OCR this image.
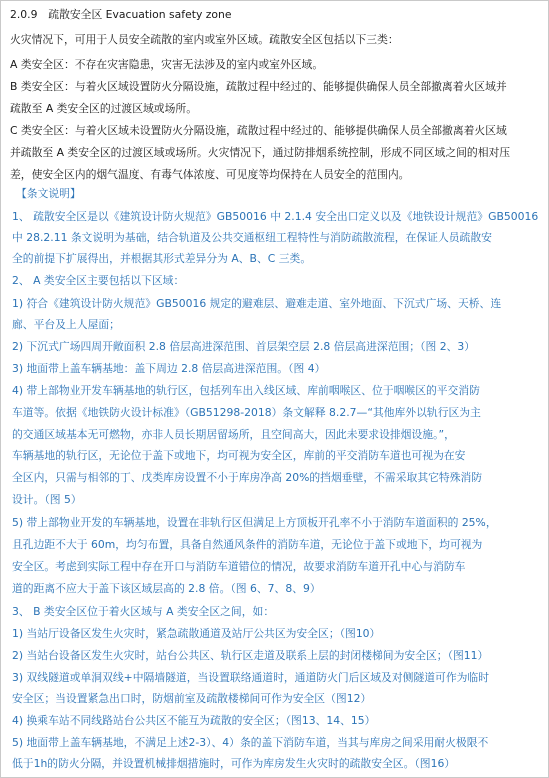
2.0.9　疏散安全区 Evacuation safety zone
火灾情况下，可用于人员安全疏散的室内或室外区域。疏散安全区包括以下三类：
A 类安全区：不存在灾害隐患，灾害无法涉及的室内或室外区域。
B 类安全区：与着火区域设置防火分隔设施，疏散过程中经过的、能够提供确保人员全部撤离着火区域并
疏散至 A 类安全区的过渡区域或场所。
C 类安全区：与着火区域未设置防火分隔设施，疏散过程中经过的、能够提供确保人员全部撤离着火区域
并疏散至 A 类安全区的过渡区域或场所。火灾情况下，通过防排烟系统控制，形成不同区域之间的相对压
差，使安全区内的烟气温度、有毒气体浓度、可见度等均保持在人员安全的范围内。
【条文说明】
1、 疏散安全区是以《建筑设计防火规范》GB50016 中 2.1.4 安全出口定义以及《地铁设计规范》GB50016
中 28.2.11 条文说明为基础，结合轨道及公共交通枢纽工程特性与消防疏散流程，在保证人员疏散安
全的前提下扩展得出，并根据其形式差异分为 A、B、C 三类。
2、 A 类安全区主要包括以下区域：
1) 符合《建筑设计防火规范》GB50016 规定的避难层、避难走道、室外地面、下沉式广场、天桥、连
廊、平台及上人屋面；
2) 下沉式广场四周开敞面积 2.8 倍层高进深范围、首层架空层 2.8 倍层高进深范围；（图 2、3）
3) 地面带上盖车辆基地：盖下周边 2.8 倍层高进深范围。（图 4）
4) 带上部物业开发车辆基地的轨行区，包括列车出入线区域、库前咽喉区、位于咽喉区的平交消防
车道等。依据《地铁防火设计标准》（GB51298-2018）条文解释 8.2.7—“其他库外以轨行区为主
的交通区域基本无可燃物，亦非人员长期居留场所，且空间高大，因此未要求设排烟设施。”，
车辆基地的轨行区，无论位于盖下或地下，均可视为安全区，库前的平交消防车道也可视为在安
全区内，只需与相邻的丁、戊类库房设置不小于库房净高 20%的挡烟垂壁，不需采取其它特殊消防
设计。（图 5）
5) 带上部物业开发的车辆基地，设置在非轨行区但满足上方顶板开孔率不小于消防车道面积的 25%，
且孔边距不大于 60m，均匀布置，具备自然通风条件的消防车道，无论位于盖下或地下，均可视为
安全区。考虑到实际工程中存在开口与消防车道错位的情况，故要求消防车道开孔中心与消防车
道的距离不应大于盖下该区域层高的 2.8 倍。（图 6、7、8、9）
3、 B 类安全区位于着火区域与 A 类安全区之间，如：
1) 当站厅设备区发生火灾时，紧急疏散通道及站厅公共区为安全区；（图10）
2) 当站台设备区发生火灾时，站台公共区、轨行区走道及联系上层的封闭楼梯间为安全区；（图11）
3) 双线隧道或单洞双线+中隔墙隧道，当设置联络通道时，通道防火门后区域及对侧隧道可作为临时
安全区；当设置紧急出口时，防烟前室及疏散楼梯间可作为安全区（图12）
4) 换乘车站不同线路站台公共区不能互为疏散的安全区；（图13、14、15）
5) 地面带上盖车辆基地，不满足上述2-3）、4）条的盖下消防车道，当其与库房之间采用耐火极限不
低于1h的防火分隔，并设置机械排烟措施时，可作为库房发生火灾时的疏散安全区。（图16）
